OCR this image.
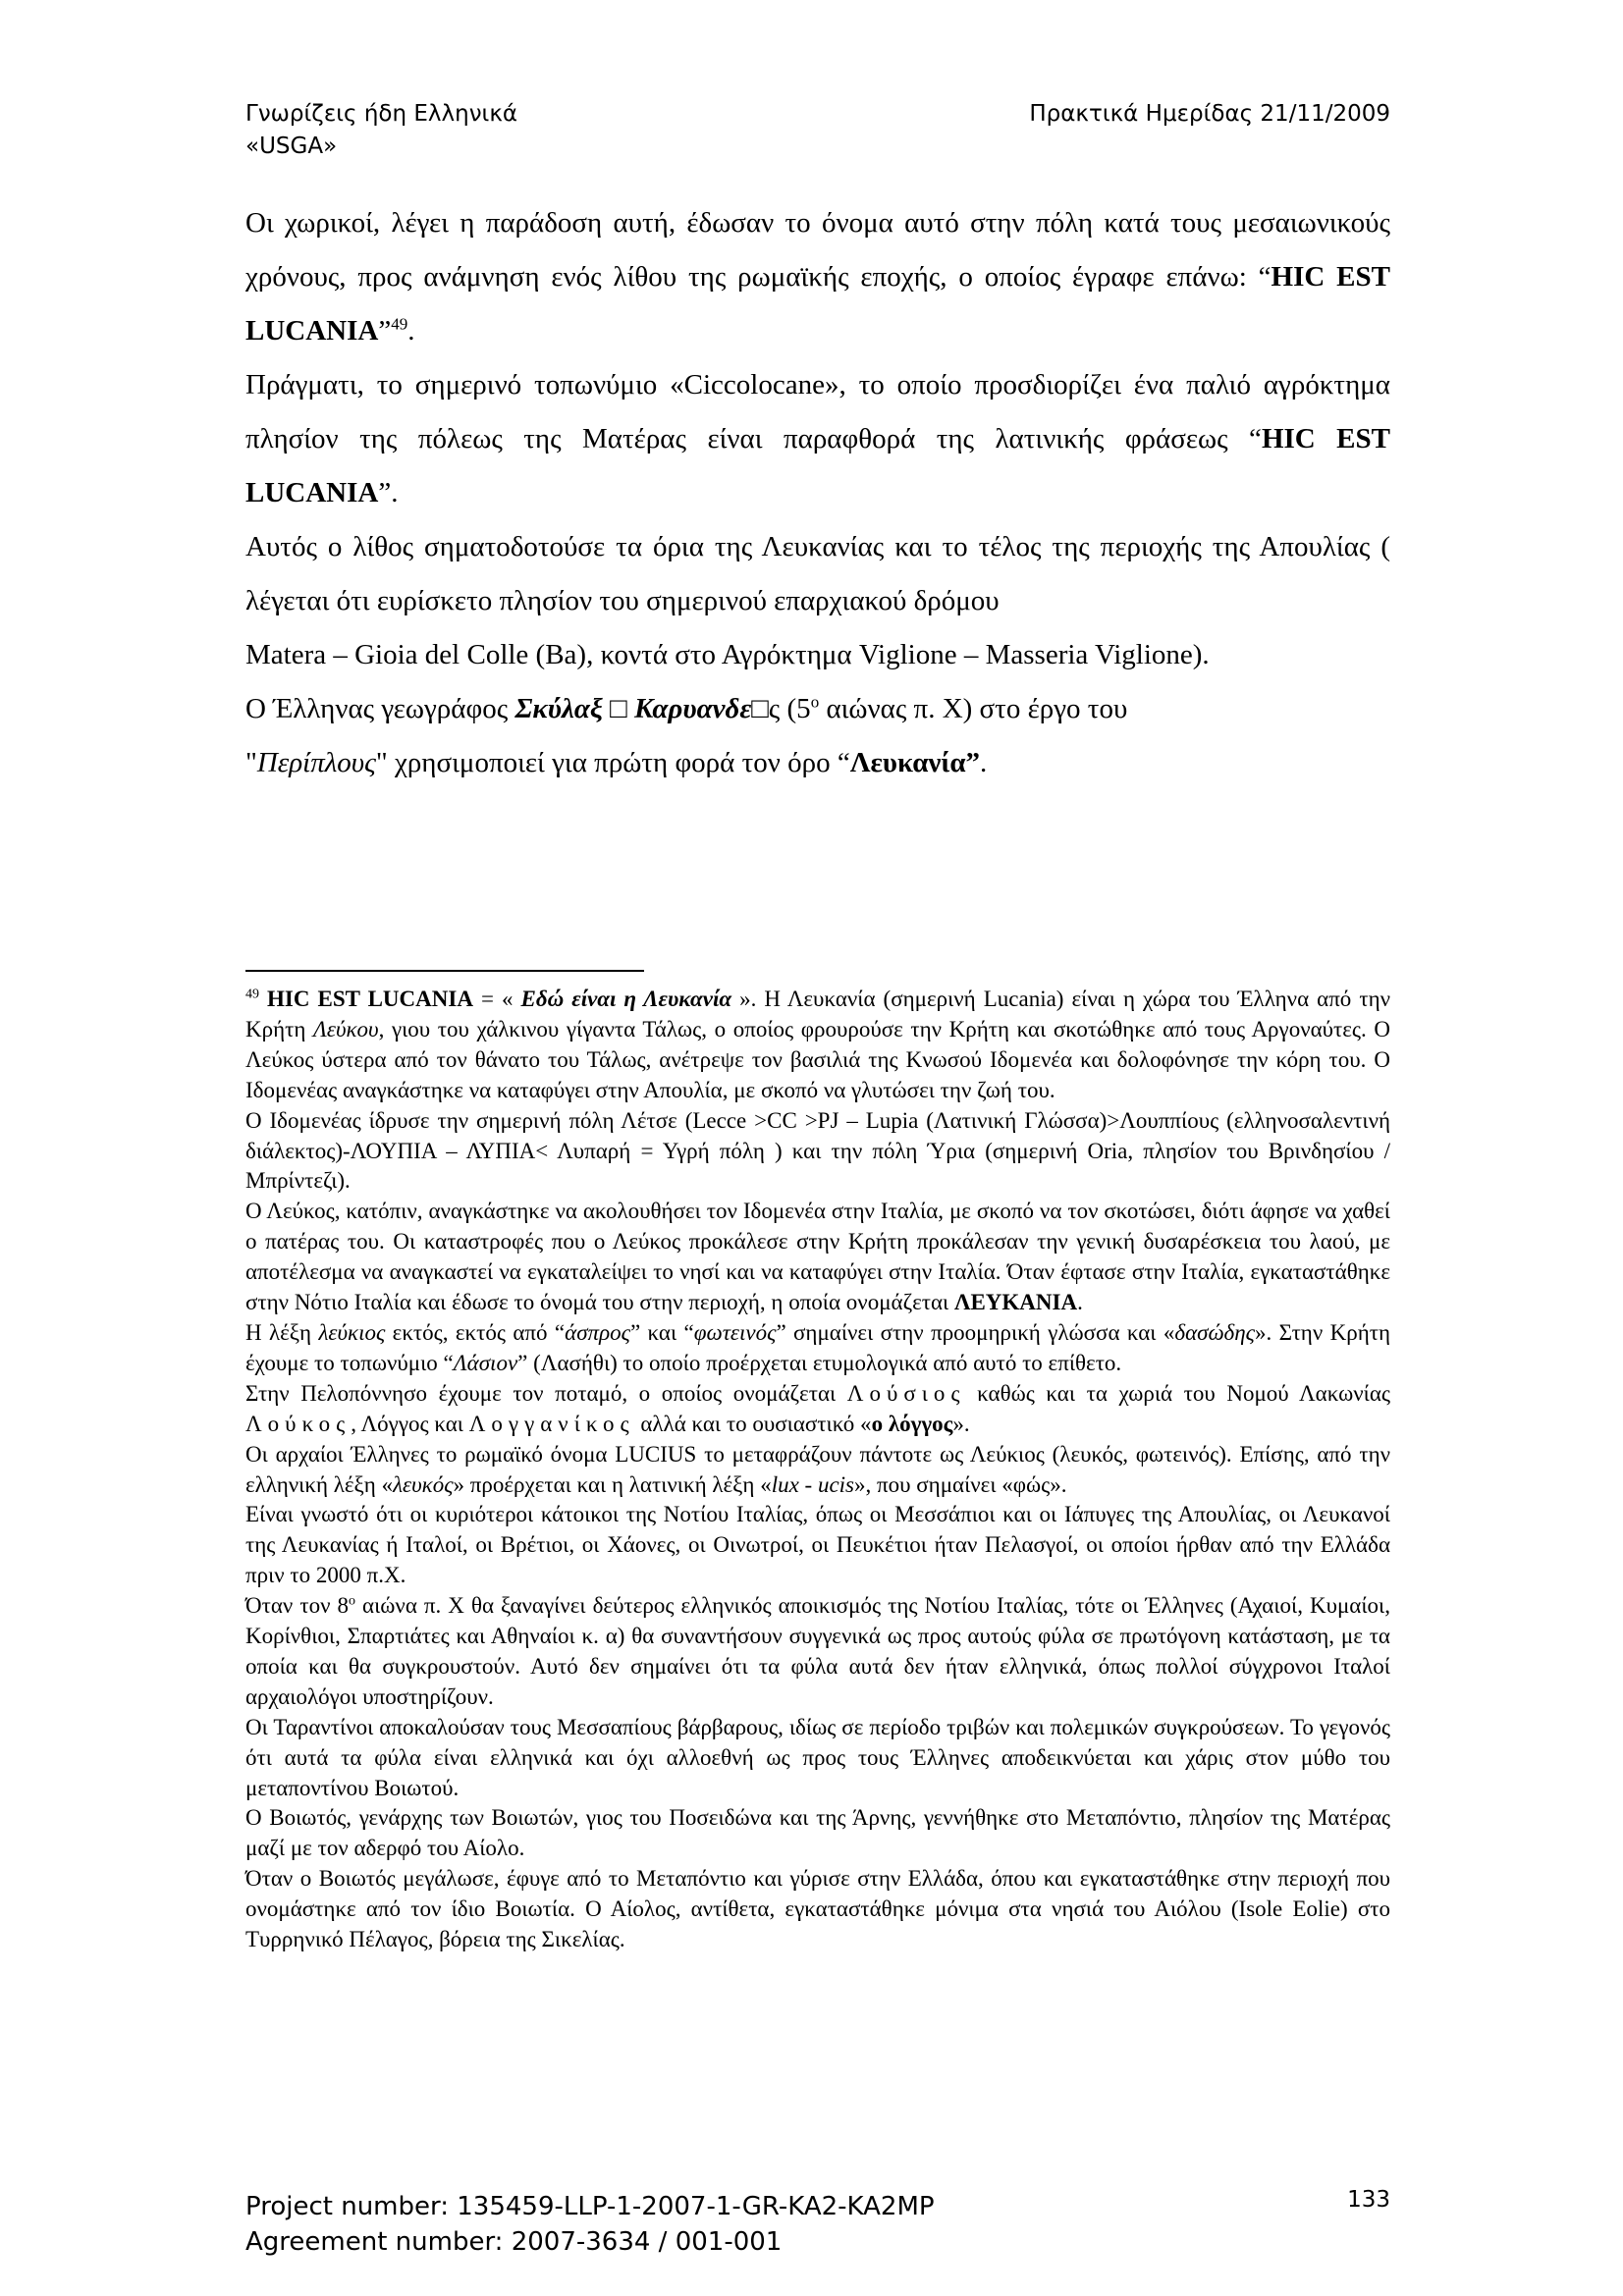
Γνωρίζεις ήδη Ελληνικά
«USGA»
Πρακτικά Ημερίδας 21/11/2009

Οι χωρικοί, λέγει η παράδοση αυτή, έδωσαν το όνομα αυτό στην πόλη κατά τους μεσαιωνικούς χρόνους, προς ανάμνηση ενός λίθου της ρωμαϊκής εποχής, ο οποίος έγραφε επάνω: “HIC EST LUCANIA”$^{49}$.

Πράγματι, το σημερινό τοπωνύμιο «Ciccolocane», το οποίο προσδιορίζει ένα παλιό αγρόκτημα πλησίον της πόλεως της Ματέρας είναι παραφθορά της λατινικής φράσεως “HIC EST LUCANIA”.

Αυτός ο λίθος σηματοδοτούσε τα όρια της Λευκανίας και το τέλος της περιοχής της Απουλίας ( λέγεται ότι ευρίσκετο πλησίον του σημερινού επαρχιακού δρόμου

Matera – Gioia del Colle (Ba), κοντά στο Αγρόκτημα Viglione – Masseria Viglione).

Ο Έλληνας γεωγράφος Σκύλαξ □ Καρυανδε□ς ($5^o$ αιώνας π. Χ) στο έργο του

"Περίπλους" χρησιμοποιεί για πρώτη φορά τον όρο “Λευκανία”.

$^{49}$ HIC EST LUCANIA = « Εδώ είναι η Λευκανία ». Η Λευκανία (σημερινή Lucania) είναι η χώρα του Έλληνα από την Κρήτη Λεύκου, γιου του χάλκινου γίγαντα Τάλως, ο οποίος φρουρούσε την Κρήτη και σκοτώθηκε από τους Αργοναύτες. Ο Λεύκος ύστερα από τον θάνατο του Τάλως, ανέτρεψε τον βασιλιά της Κνωσού Ιδομενέα και δολοφόνησε την κόρη του. Ο Ιδομενέας αναγκάστηκε να καταφύγει στην Απουλία, με σκοπό να γλυτώσει την ζωή του.

Ο Ιδομενέας ίδρυσε την σημερινή πόλη Λέτσε (Lecce >CC >PJ – Lupia (Λατινική Γλώσσα)>Λουππίους (ελληνοσαλεντινή διάλεκτος)-ΛΟΥΠΙΑ – ΛΥΠΙΑ< Λυπαρή = Υγρή πόλη ) και την πόλη Ύρια (σημερινή Oria, πλησίον του Βρινδησίου / Μπρίντεζι).

Ο Λεύκος, κατόπιν, αναγκάστηκε να ακολουθήσει τον Ιδομενέα στην Ιταλία, με σκοπό να τον σκοτώσει, διότι άφησε να χαθεί ο πατέρας του. Οι καταστροφές που ο Λεύκος προκάλεσε στην Κρήτη προκάλεσαν την γενική δυσαρέσκεια του λαού, με αποτέλεσμα να αναγκαστεί να εγκαταλείψει το νησί και να καταφύγει στην Ιταλία. Όταν έφτασε στην Ιταλία, εγκαταστάθηκε στην Νότιο Ιταλία και έδωσε το όνομά του στην περιοχή, η οποία ονομάζεται ΛΕΥΚΑΝΙΑ.

Η λέξη λεύκιος εκτός, εκτός από “άσπρος” και “φωτεινός” σημαίνει στην προομηρική γλώσσα και «δασώδης». Στην Κρήτη έχουμε το τοπωνύμιο “Λάσιον” (Λασήθι) το οποίο προέρχεται ετυμολογικά από αυτό το επίθετο.

Στην Πελοπόννησο έχουμε τον ποταμό, ο οποίος ονομάζεται Λούσιος καθώς και τα χωριά του Νομού Λακωνίας Λούκος, Λόγγος και Λογγανίκος αλλά και το ουσιαστικό «ο λόγγος».

Οι αρχαίοι Έλληνες το ρωμαϊκό όνομα LUCIUS το μεταφράζουν πάντοτε ως Λεύκιος (λευκός, φωτεινός). Επίσης, από την ελληνική λέξη «λευκός» προέρχεται και η λατινική λέξη «lux - ucis», που σημαίνει «φώς».

Είναι γνωστό ότι οι κυριότεροι κάτοικοι της Νοτίου Ιταλίας, όπως οι Μεσσάπιοι και οι Ιάπυγες της Απουλίας, οι Λευκανοί της Λευκανίας ή Ιταλοί, οι Βρέτιοι, οι Χάονες, οι Οινωτροί, οι Πευκέτιοι ήταν Πελασγοί, οι οποίοι ήρθαν από την Ελλάδα πριν το 2000 π.Χ.

Όταν τον 8$^o$ αιώνα π. Χ θα ξαναγίνει δεύτερος ελληνικός αποικισμός της Νοτίου Ιταλίας, τότε οι Έλληνες (Αχαιοί, Κυμαίοι, Κορίνθιοι, Σπαρτιάτες και Αθηναίοι κ. α) θα συναντήσουν συγγενικά ως προς αυτούς φύλα σε πρωτόγονη κατάσταση, με τα οποία και θα συγκρουστούν. Αυτό δεν σημαίνει ότι τα φύλα αυτά δεν ήταν ελληνικά, όπως πολλοί σύγχρονοι Ιταλοί αρχαιολόγοι υποστηρίζουν.

Οι Ταραντίνοι αποκαλούσαν τους Μεσσαπίους βάρβαρους, ιδίως σε περίοδο τριβών και πολεμικών συγκρούσεων. Το γεγονός ότι αυτά τα φύλα είναι ελληνικά και όχι αλλοεθνή ως προς τους Έλληνες αποδεικνύεται και χάρις στον μύθο του μεταποντίνου Βοιωτού.

Ο Βοιωτός, γενάρχης των Βοιωτών, γιος του Ποσειδώνα και της Άρνης, γεννήθηκε στο Μεταπόντιο, πλησίον της Ματέρας μαζί με τον αδερφό του Αίολο.

Όταν ο Βοιωτός μεγάλωσε, έφυγε από το Μεταπόντιο και γύρισε στην Ελλάδα, όπου και εγκαταστάθηκε στην περιοχή που ονομάστηκε από τον ίδιο Βοιωτία. Ο Αίολος, αντίθετα, εγκαταστάθηκε μόνιμα στα νησιά του Αιόλου (Isole Eolie) στο Τυρρηνικό Πέλαγος, βόρεια της Σικελίας.

Project number: 135459-LLP-1-2007-1-GR-KA2-KA2MP
Agreement number: 2007-3634 / 001-001
133
